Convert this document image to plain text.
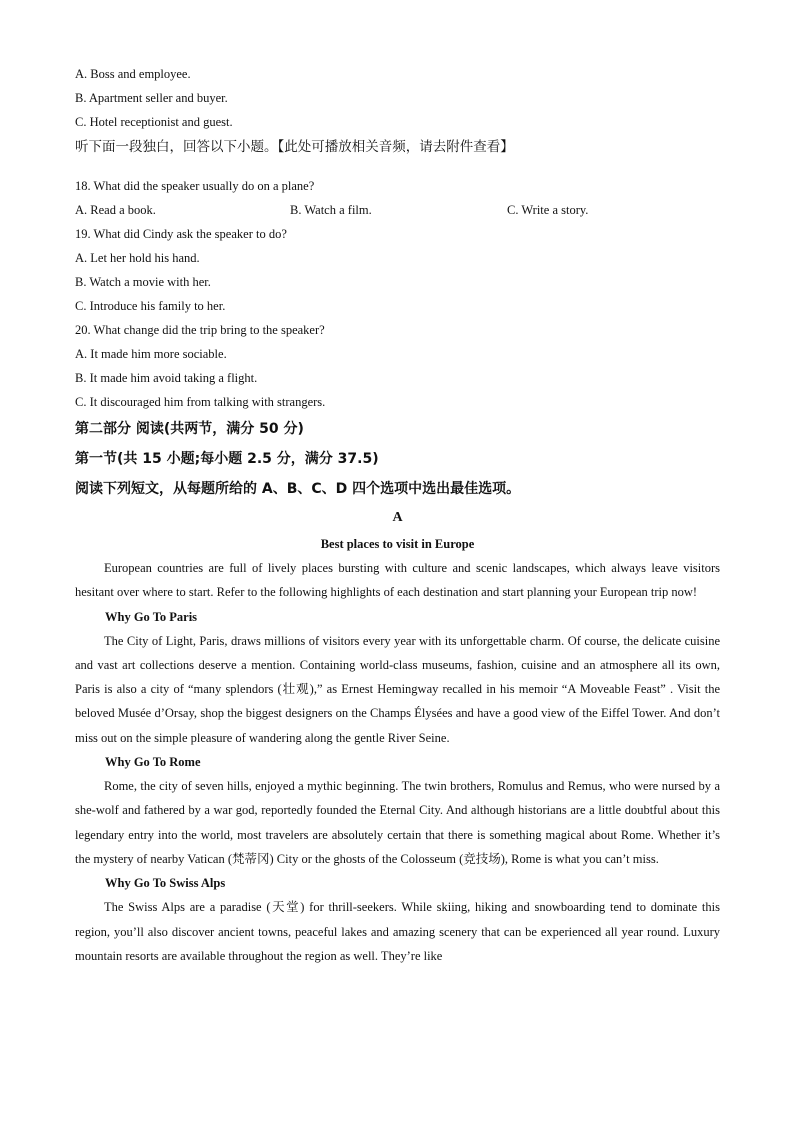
A. Boss and employee.
B. Apartment seller and buyer.
C. Hotel receptionist and guest.
听下面一段独白，回答以下小题。【此处可播放相关音频，请去附件查看】
18. What did the speaker usually do on a plane?
A. Read a book.	B. Watch a film.	C. Write a story.
19. What did Cindy ask the speaker to do?
A. Let her hold his hand.
B. Watch a movie with her.
C. Introduce his family to her.
20. What change did the trip bring to the speaker?
A. It made him more sociable.
B. It made him avoid taking a flight.
C. It discouraged him from talking with strangers.
第二部分 阅读(共两节，满分 50 分)
第一节(共 15 小题;每小题 2.5 分，满分 37.5)
阅读下列短文，从每题所给的 A、B、C、D 四个选项中选出最佳选项。
A
Best places to visit in Europe

European countries are full of lively places bursting with culture and scenic landscapes, which always leave visitors hesitant over where to start. Refer to the following highlights of each destination and start planning your European trip now!

Why Go To Paris

The City of Light, Paris, draws millions of visitors every year with its unforgettable charm. Of course, the delicate cuisine and vast art collections deserve a mention. Containing world-class museums, fashion, cuisine and an atmosphere all its own, Paris is also a city of “many splendors (壮观),” as Ernest Hemingway recalled in his memoir “A Moveable Feast” . Visit the beloved Musée d’Orsay, shop the biggest designers on the Champs Élysées and have a good view of the Eiffel Tower. And don’t miss out on the simple pleasure of wandering along the gentle River Seine.

Why Go To Rome

Rome, the city of seven hills, enjoyed a mythic beginning. The twin brothers, Romulus and Remus, who were nursed by a she-wolf and fathered by a war god, reportedly founded the Eternal City. And although historians are a little doubtful about this legendary entry into the world, most travelers are absolutely certain that there is something magical about Rome. Whether it’s the mystery of nearby Vatican (梵蒂冈) City or the ghosts of the Colosseum (竞技场), Rome is what you can’t miss.

Why Go To Swiss Alps

The Swiss Alps are a paradise (天堂) for thrill-seekers. While skiing, hiking and snowboarding tend to dominate this region, you’ll also discover ancient towns, peaceful lakes and amazing scenery that can be experienced all year round. Luxury mountain resorts are available throughout the region as well. They’re like
